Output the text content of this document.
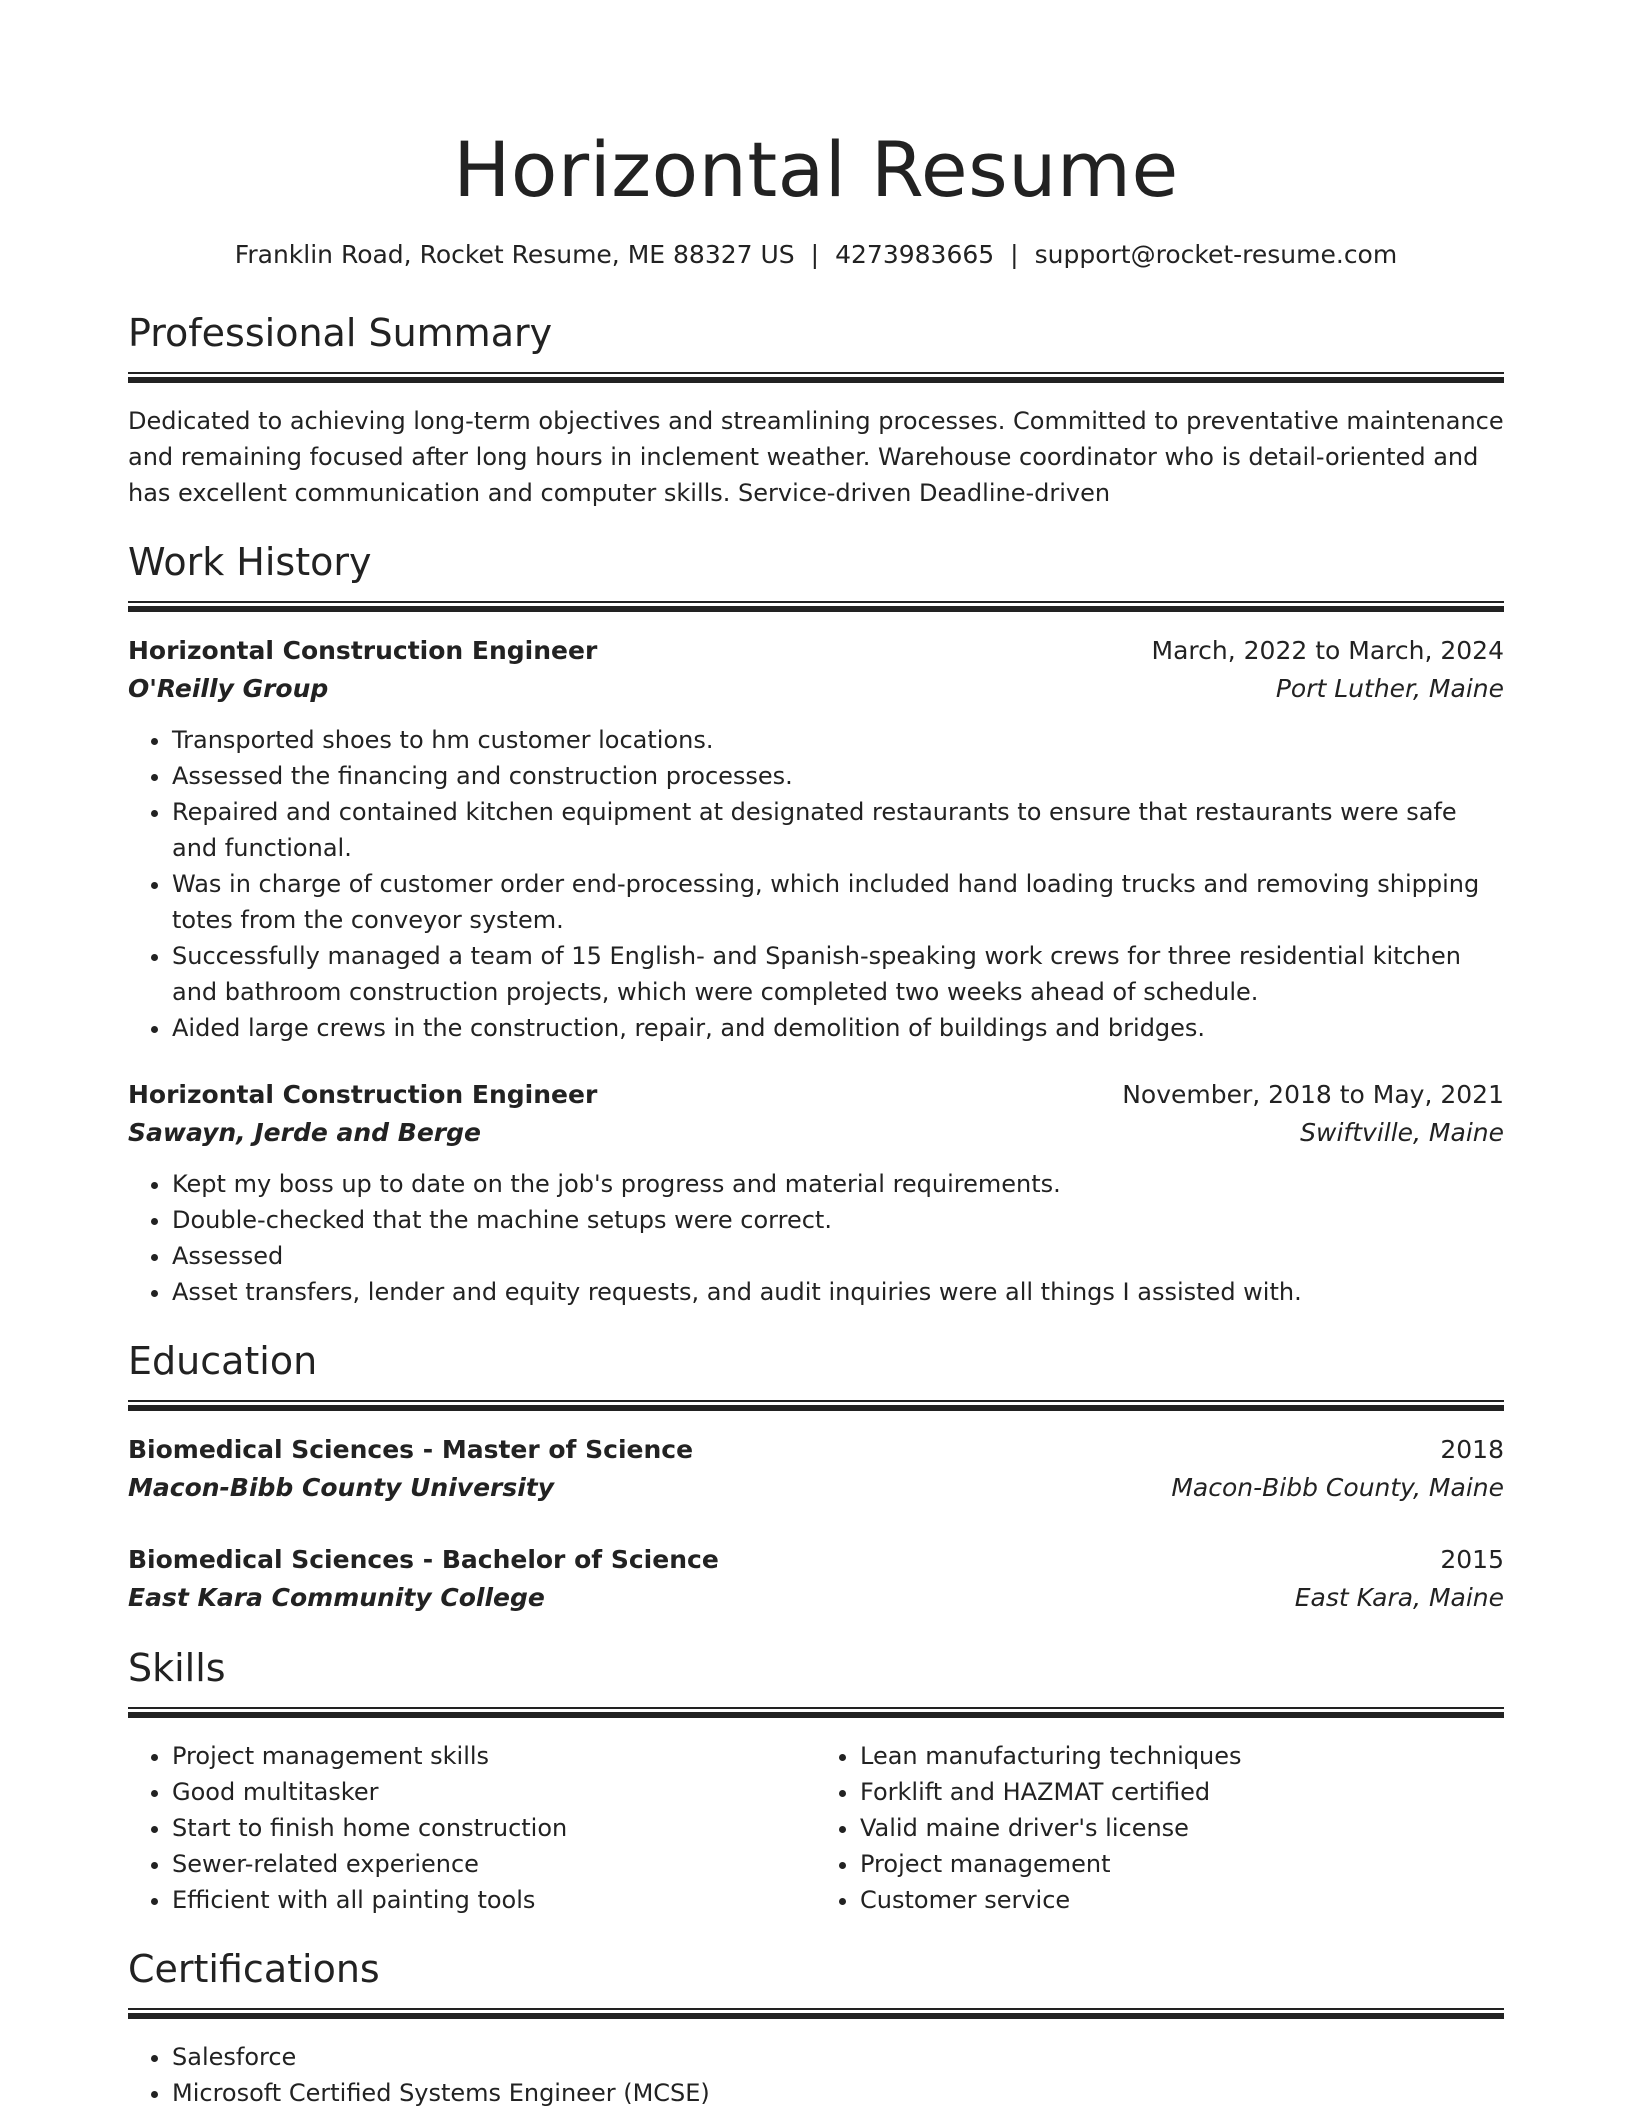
Horizontal Resume
Franklin Road, Rocket Resume, ME 88327 US | 4273983665 | support@rocket-resume.com
Professional Summary

Dedicated to achieving long-term objectives and streamlining processes. Committed to preventative maintenance and remaining focused after long hours in inclement weather. Warehouse coordinator who is detail-oriented and has excellent communication and computer skills. Service-driven Deadline-driven

Work History
Horizontal Construction Engineer	March, 2022 to March, 2024
O'Reilly Group	Port Luther, Maine
• Transported shoes to hm customer locations.
• Assessed the financing and construction processes.
• Repaired and contained kitchen equipment at designated restaurants to ensure that restaurants were safe and functional.
• Was in charge of customer order end-processing, which included hand loading trucks and removing shipping totes from the conveyor system.
• Successfully managed a team of 15 English- and Spanish-speaking work crews for three residential kitchen and bathroom construction projects, which were completed two weeks ahead of schedule.
• Aided large crews in the construction, repair, and demolition of buildings and bridges.
Horizontal Construction Engineer	November, 2018 to May, 2021
Sawayn, Jerde and Berge	Swiftville, Maine
• Kept my boss up to date on the job's progress and material requirements.
• Double-checked that the machine setups were correct.
• Assessed
• Asset transfers, lender and equity requests, and audit inquiries were all things I assisted with.
Education
Biomedical Sciences - Master of Science	2018
Macon-Bibb County University	Macon-Bibb County, Maine
Biomedical Sciences - Bachelor of Science	2015
East Kara Community College	East Kara, Maine
Skills
• Project management skills
• Good multitasker
• Start to finish home construction
• Sewer-related experience
• Efficient with all painting tools
• Lean manufacturing techniques
• Forklift and HAZMAT certified
• Valid maine driver's license
• Project management
• Customer service
Certifications
• Salesforce
• Microsoft Certified Systems Engineer (MCSE)
